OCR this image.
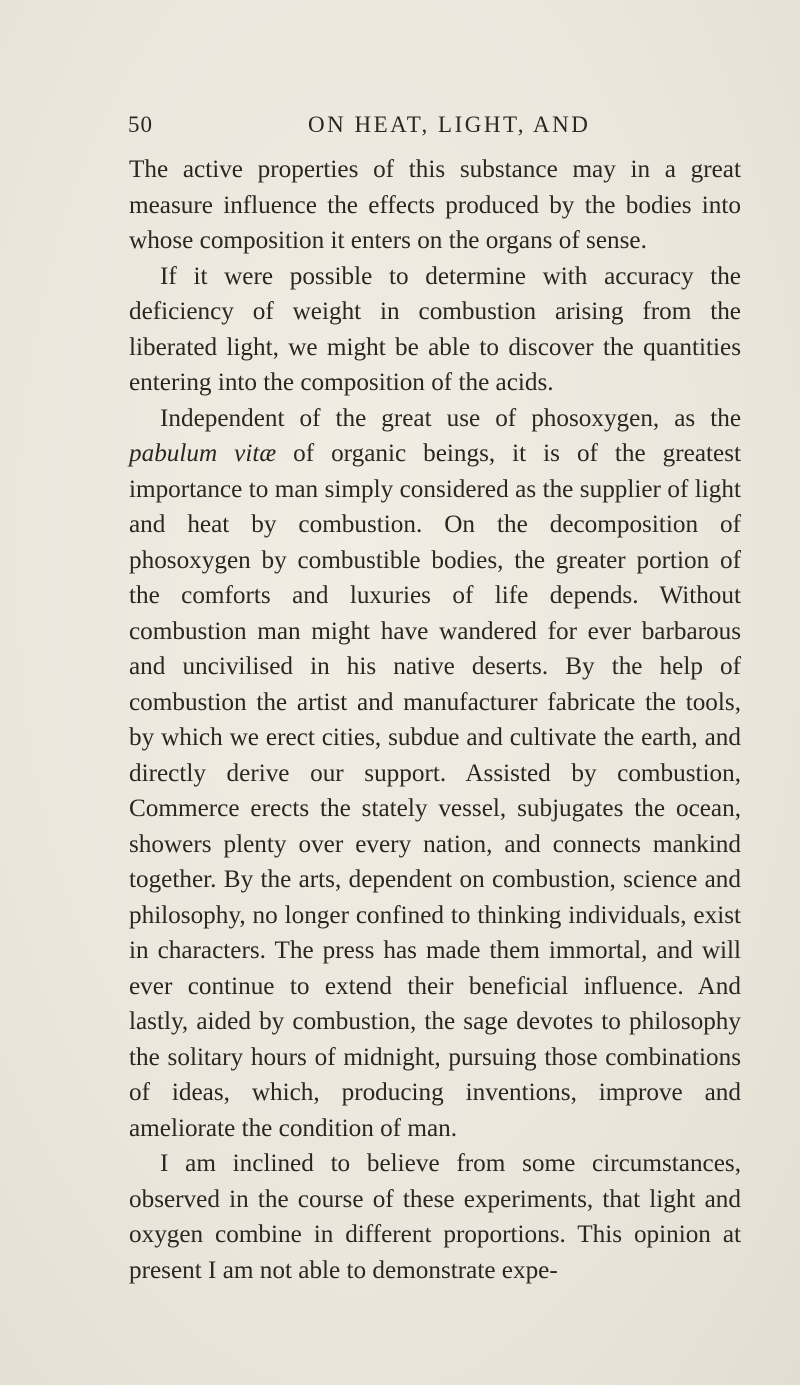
50	ON HEAT, LIGHT, AND

The active properties of this substance may in a great measure influence the effects produced by the bodies into whose composition it enters on the organs of sense.

If it were possible to determine with accuracy the deficiency of weight in combustion arising from the liberated light, we might be able to discover the quantities entering into the composition of the acids.

Independent of the great use of phosoxygen, as the pabulum vitæ of organic beings, it is of the greatest importance to man simply considered as the supplier of light and heat by combustion. On the decomposition of phosoxygen by combustible bodies, the greater portion of the comforts and luxuries of life depends. Without combustion man might have wandered for ever barbarous and uncivilised in his native deserts. By the help of combustion the artist and manufacturer fabricate the tools, by which we erect cities, subdue and cultivate the earth, and directly derive our support. Assisted by combustion, Commerce erects the stately vessel, subjugates the ocean, showers plenty over every nation, and connects mankind together. By the arts, dependent on combustion, science and philosophy, no longer confined to thinking individuals, exist in characters. The press has made them immortal, and will ever continue to extend their beneficial influence. And lastly, aided by combustion, the sage devotes to philosophy the solitary hours of midnight, pursuing those combinations of ideas, which, producing inventions, improve and ameliorate the condition of man.

I am inclined to believe from some circumstances, observed in the course of these experiments, that light and oxygen combine in different proportions. This opinion at present I am not able to demonstrate expe-
